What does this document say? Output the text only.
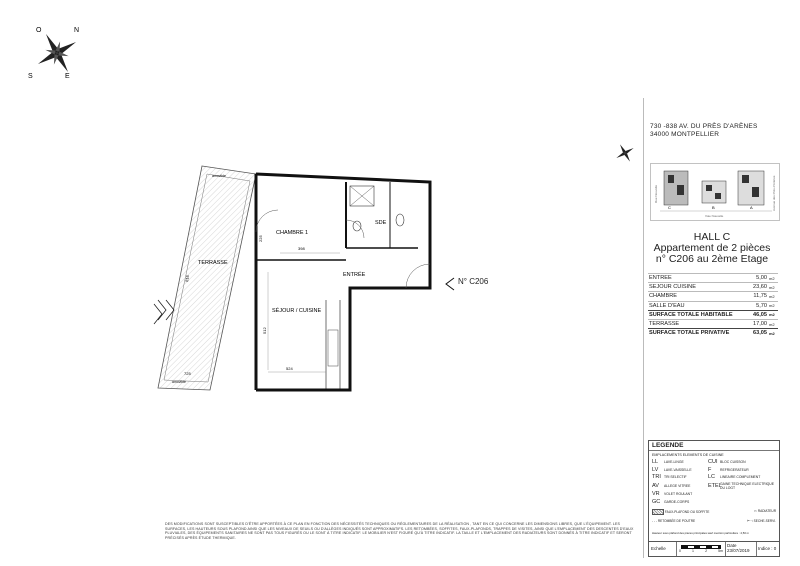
N
S	E
O
730 -838 AV. DU PRÈS D'ARÈNES
34000 MONTPELLIER
C	B	A
Voie Nouvelle
Rue Nouvelle	Avenue des Prés d'Arènes
HALL C
Appartement de 2 pièces
n° C206 au 2ème Etage
ENTREE	5,00	m2
SEJOUR CUISINE	23,60	m2
CHAMBRE	11,75	m2
SALLE D'EAU	5,70	m2
SURFACE TOTALE HABITABLE	46,05	m2
TERRASSE	17,00	m2
SURFACE TOTALE PRIVATIVE	63,05	m2
CHAMBRE 1
SDE
ENTRÉE
SÉJOUR / CUISINE
TERRASSE
398
512
524
816
725
225
amovible
amovible
N° C206
LEGENDE
EMPLACEMENTS ELEMENTS DE CUISINE
LL	LAVE-LINGE	CUI BLOC CUISSON
LV	LAVE-VAISSELLE	F	REFRIGERATEUR
TRI TRI SELECTIF	LC	LINEAIRE COMPLEMENT
AV	ALLEGE VITREE	ETEL
GAINE TECHNIQUE ELECTRIQUE DU LOGT
VR	VOLET ROULANT
GC	GARDE-CORPS
FAUX-PLAFOND OU SOFFITE	▭ RADIATEUR
- - - RETOMBÉE DE POUTRE	⊢⊣ SECHE-SERVI.
Hauteur sous plafond des pièces principales sauf mention particulière : 2,50 m
Echelle	0	1	2	5m
Date
23/07/2019	Indice : 0
DES MODIFICATIONS SONT SUSCEPTIBLES D'ÊTRE APPORTÉES À CE PLAN EN FONCTION DES NÉCESSITÉS TECHNIQUES OU RÉGLEMENTAIRES DE LA RÉALISATION , TANT EN CE QUI CONCERNE LES DIMENSIONS LIBRES, QUE L'ÉQUIPEMENT. LES SURFACES, LES HAUTEURS SOUS PLAFOND AINSI QUE LES NIVEAUX DE SEUILS OU D'ALLÈGES INDIQUÉS SONT APPROXIMATIFS. LES RETOMBÉES, SOFFITES, FAUX-PLAFONDS, TRAPPES DE VISITES, AINSI QUE L'EMPLACEMENT DES DESCENTES D'EAUX PLUVIALES, DES ÉQUIPEMENTS SANITAIRES NE SONT PAS TOUS FIGURÉS OU LE SONT À TITRE INDICATIF. LE MOBILIER N'EST FIGURÉ QU'À TITRE INDICATIF. LA TAILLE ET L'EMPLACEMENT DES RADIATEURS SONT DONNÉS À TITRE INDICATIF ET SERONT PRÉCISÉS APRÈS ÉTUDE THERMIQUE.
